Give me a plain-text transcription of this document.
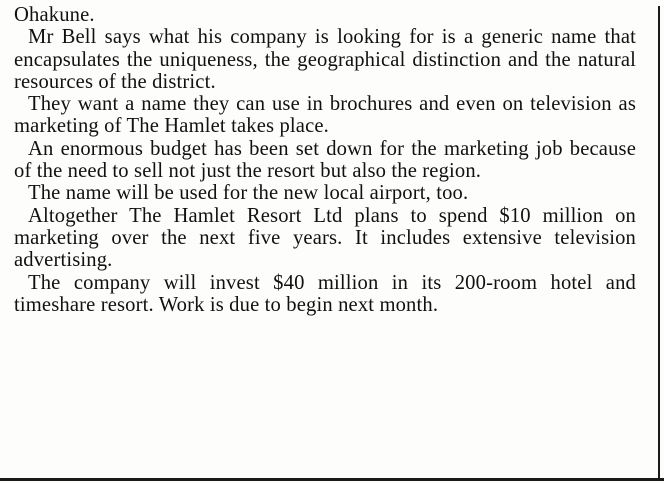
Ohakune.

Mr Bell says what his company is looking for is a generic name that encapsulates the uniqueness, the geographical distinction and the natural resources of the district.

They want a name they can use in brochures and even on television as marketing of The Hamlet takes place.

An enormous budget has been set down for the marketing job because of the need to sell not just the resort but also the region.

The name will be used for the new local airport, too.

Altogether The Hamlet Resort Ltd plans to spend $10 million on marketing over the next five years. It includes extensive television advertising.

The company will invest $40 million in its 200-room hotel and timeshare resort. Work is due to begin next month.
